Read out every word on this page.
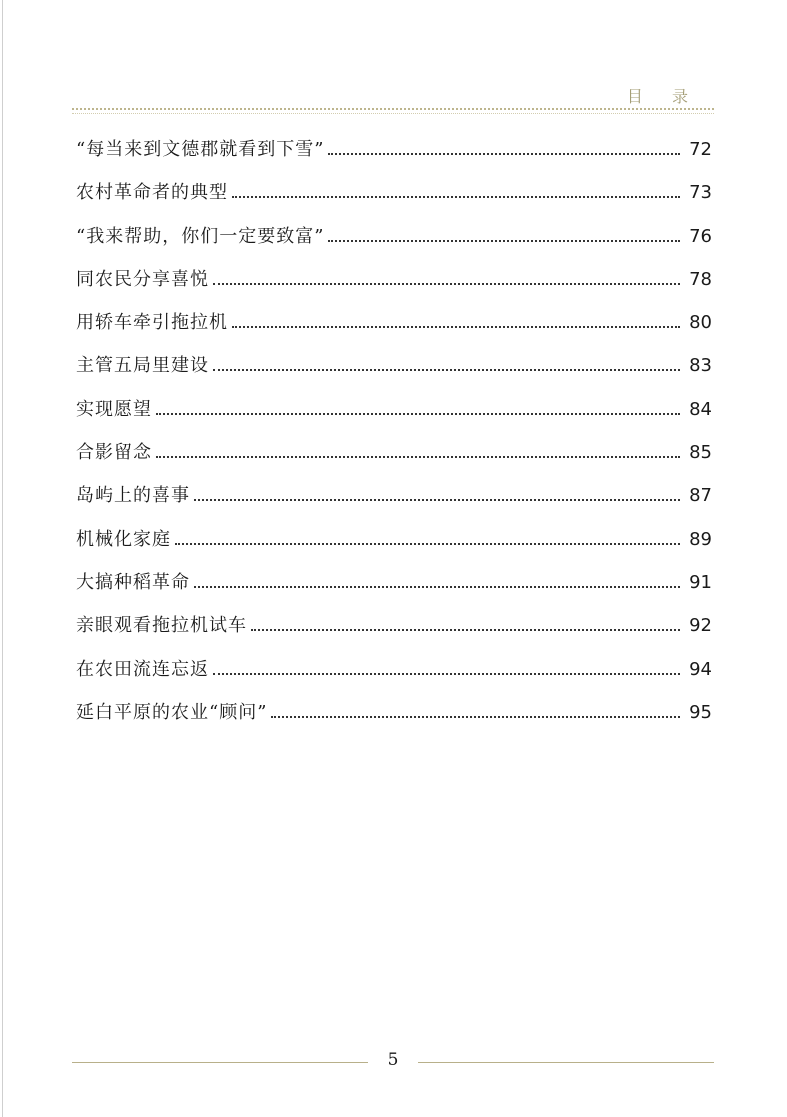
目 录
“每当来到文德郡就看到下雪”	72
农村革命者的典型	73
“我来帮助，你们一定要致富”	76
同农民分享喜悦	78
用轿车牵引拖拉机	80
主管五局里建设	83
实现愿望	84
合影留念	85
岛屿上的喜事	87
机械化家庭	89
大搞种稻革命	91
亲眼观看拖拉机试车	92
在农田流连忘返	94
延白平原的农业“顾问”	95
5
